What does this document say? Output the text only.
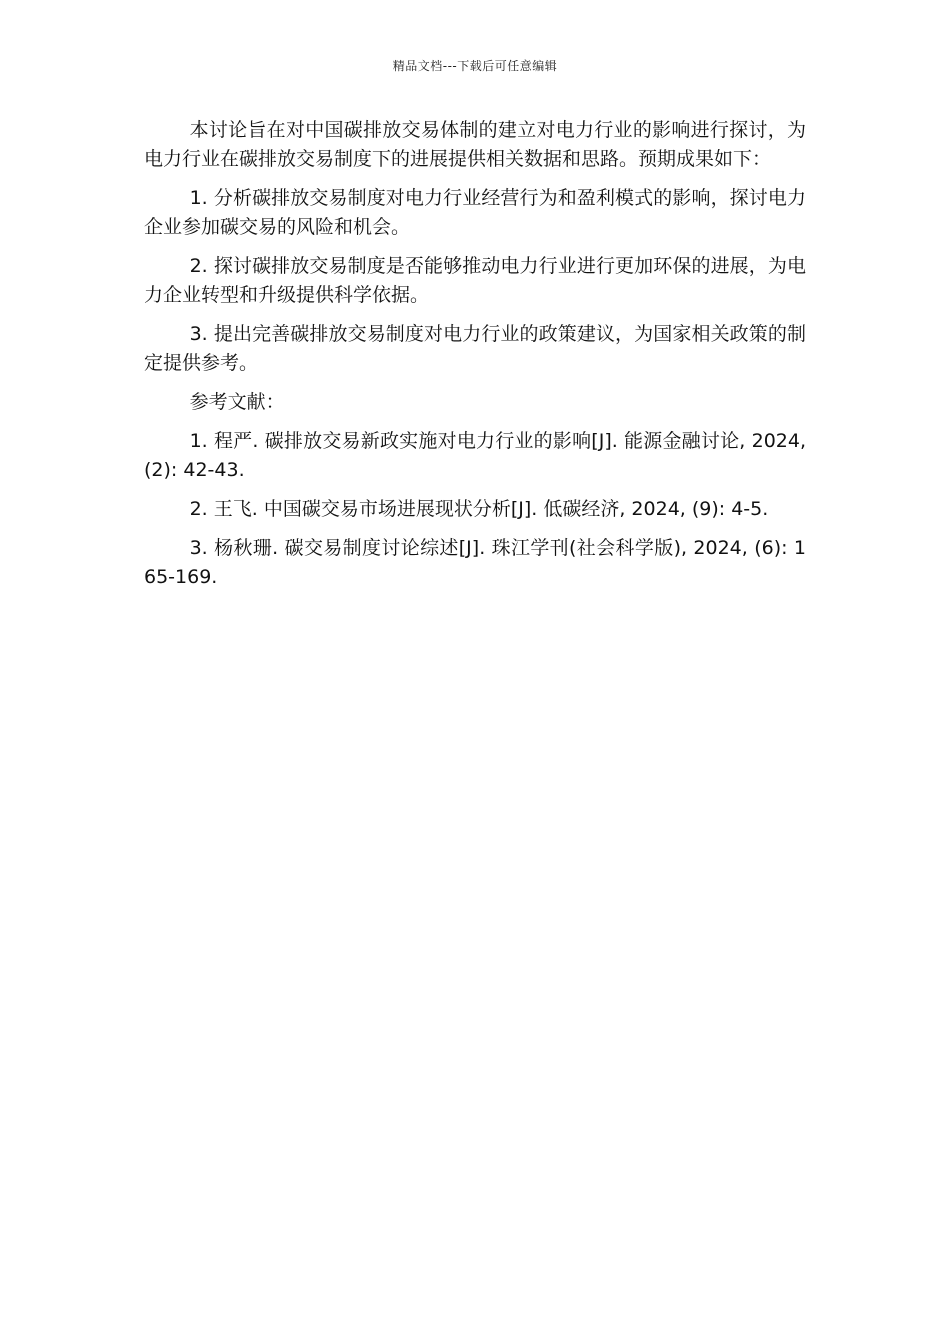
精品文档---下载后可任意编辑

本讨论旨在对中国碳排放交易体制的建立对电力行业的影响进行探讨，为电力行业在碳排放交易制度下的进展提供相关数据和思路。预期成果如下：

1. 分析碳排放交易制度对电力行业经营行为和盈利模式的影响，探讨电力企业参加碳交易的风险和机会。

2. 探讨碳排放交易制度是否能够推动电力行业进行更加环保的进展，为电力企业转型和升级提供科学依据。

3. 提出完善碳排放交易制度对电力行业的政策建议，为国家相关政策的制定提供参考。

参考文献：

1. 程严. 碳排放交易新政实施对电力行业的影响[J]. 能源金融讨论, 2024, (2): 42-43.

2. 王飞. 中国碳交易市场进展现状分析[J]. 低碳经济, 2024, (9): 4-5.

3. 杨秋珊. 碳交易制度讨论综述[J]. 珠江学刊(社会科学版), 2024, (6): 165-169.
